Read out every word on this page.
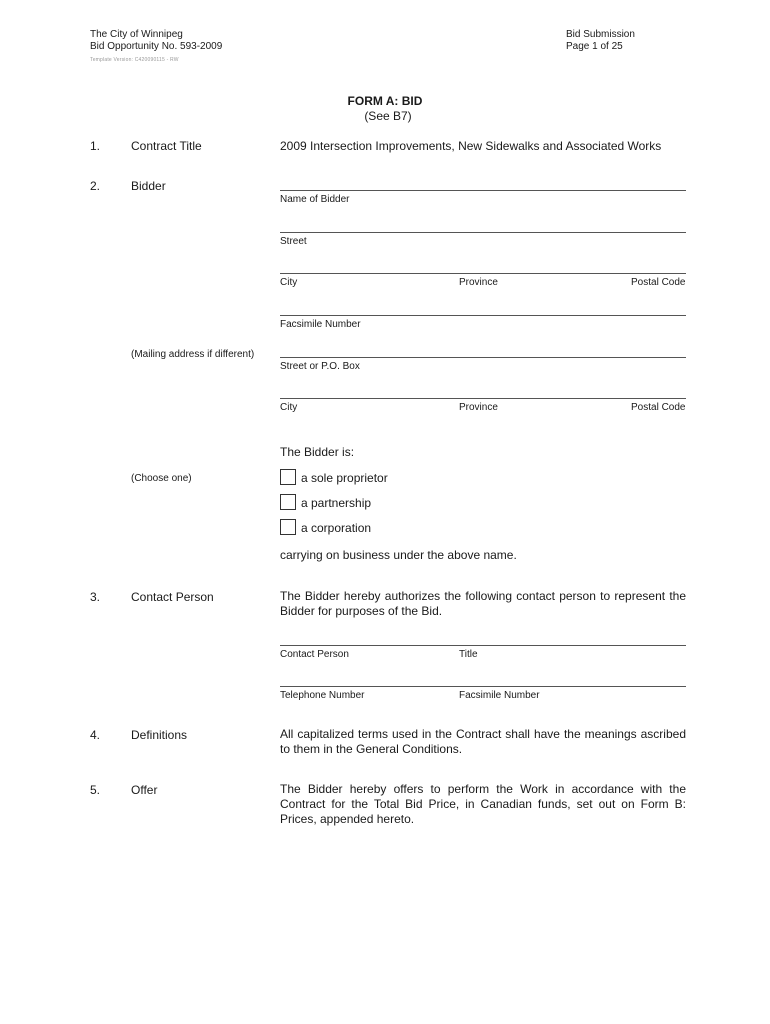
The City of Winnipeg
Bid Opportunity No. 593-2009
Template Version: C420090115 - RW
Bid Submission
Page 1 of 25
FORM A: BID
(See B7)
1.	Contract Title	2009 Intersection Improvements, New Sidewalks and Associated Works
2.	Bidder
Name of Bidder
Street
City	Province	Postal Code
Facsimile Number
(Mailing address if different)
Street or P.O. Box
City	Province	Postal Code
The Bidder is:
(Choose one)	a sole proprietor
a partnership
a corporation
carrying on business under the above name.
3.	Contact Person	The Bidder hereby authorizes the following contact person to represent the Bidder for purposes of the Bid.
Contact Person	Title
Telephone Number	Facsimile Number
4.	Definitions	All capitalized terms used in the Contract shall have the meanings ascribed to them in the General Conditions.
5.	Offer	The Bidder hereby offers to perform the Work in accordance with the Contract for the Total Bid Price, in Canadian funds, set out on Form B: Prices, appended hereto.
